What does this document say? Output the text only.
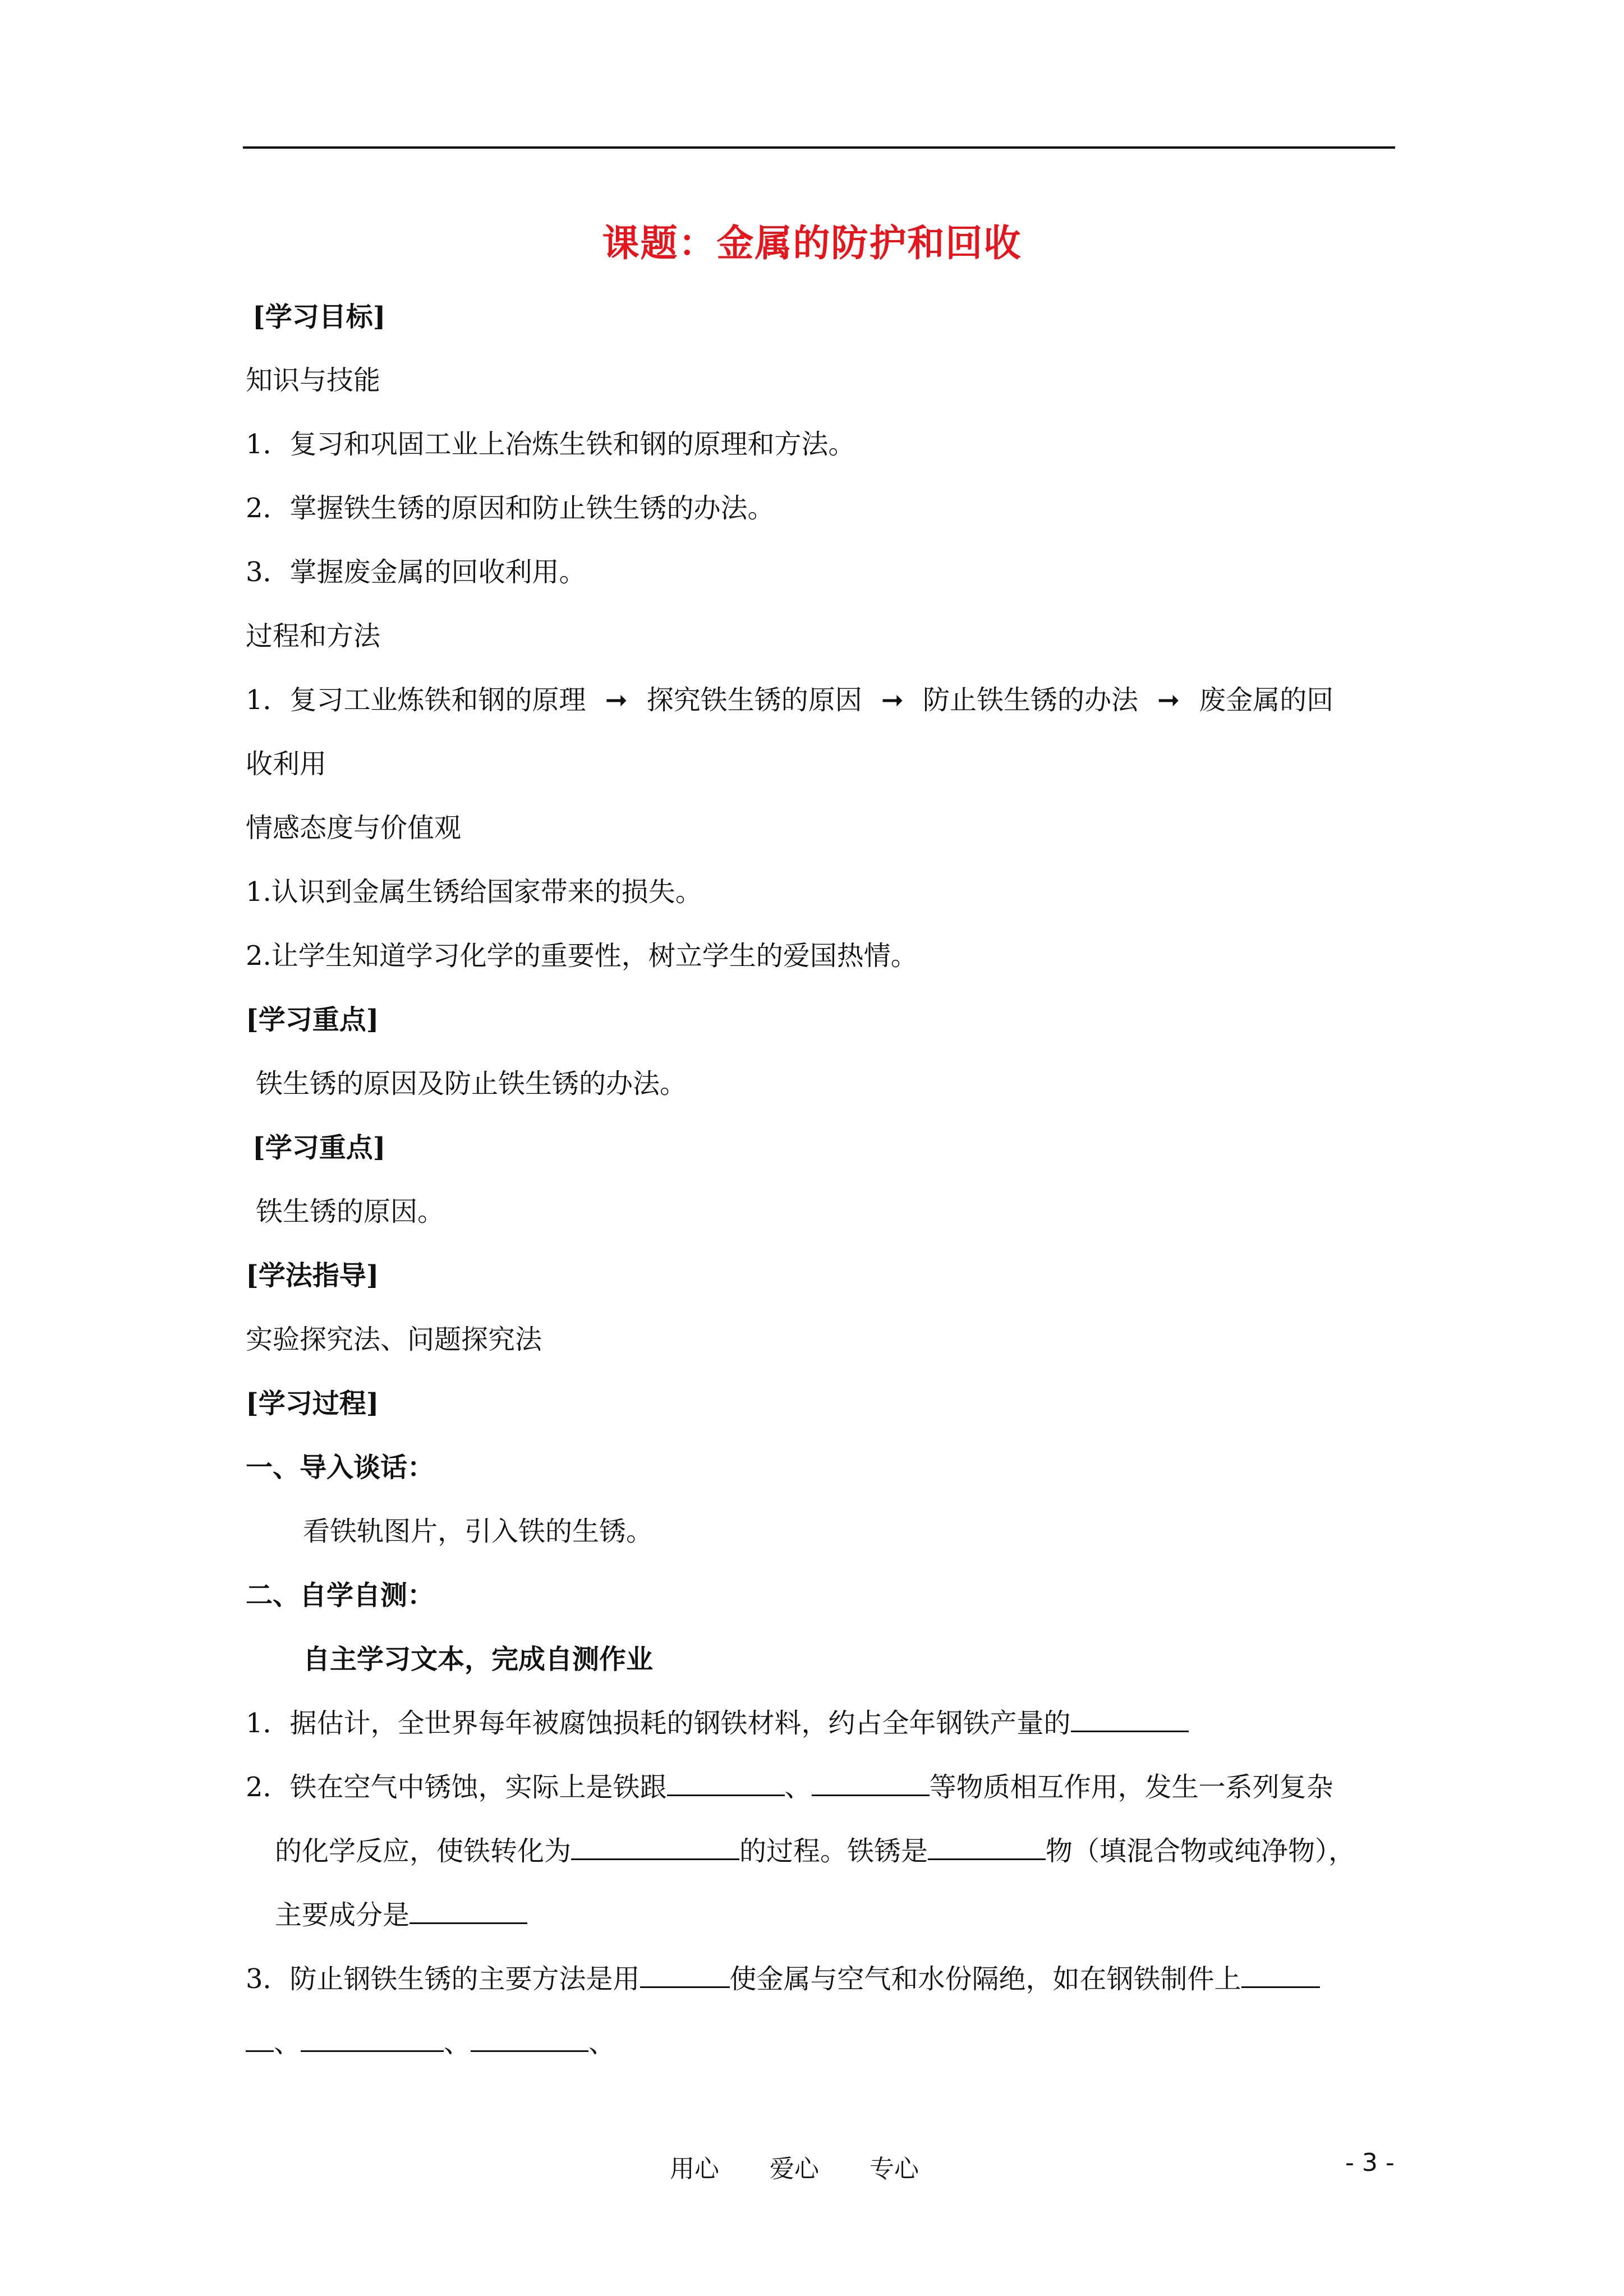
课题：金属的防护和回收
[学习目标]
知识与技能
1．复习和巩固工业上冶炼生铁和钢的原理和方法。
2．掌握铁生锈的原因和防止铁生锈的办法。
3．掌握废金属的回收利用。
过程和方法
1．复习工业炼铁和钢的原理 ➞ 探究铁生锈的原因 ➞ 防止铁生锈的办法 ➞ 废金属的回
收利用
情感态度与价值观
1.认识到金属生锈给国家带来的损失。
2.让学生知道学习化学的重要性，树立学生的爱国热情。
[学习重点]
铁生锈的原因及防止铁生锈的办法。
[学习重点]
铁生锈的原因。
[学法指导]
实验探究法、问题探究法
[学习过程]
一、导入谈话：
看铁轨图片，引入铁的生锈。
二、自学自测：
自主学习文本，完成自测作业
1．据估计，全世界每年被腐蚀损耗的钢铁材料，约占全年钢铁产量的
2．铁在空气中锈蚀，实际上是铁跟	、	等物质相互作用，发生一系列复杂
的化学反应，使铁转化为	的过程。铁锈是	物（填混合物或纯净物），
主要成分是
3．防止钢铁生锈的主要方法是用	使金属与空气和水份隔绝，如在钢铁制件上
、	、	、
用心 爱心 专心	- 3 -
